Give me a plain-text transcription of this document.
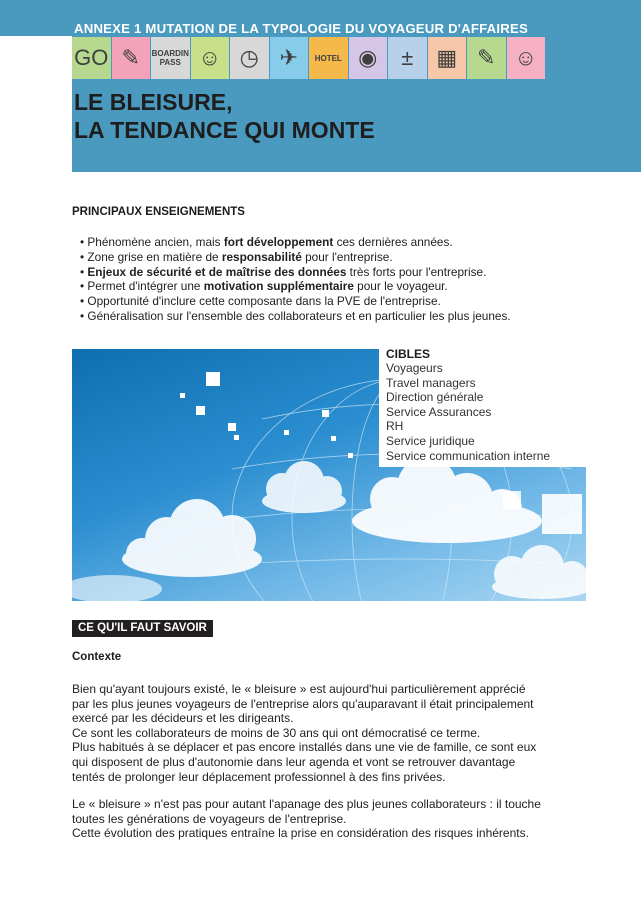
ANNEXE 1 MUTATION DE LA TYPOLOGIE DU VOYAGEUR D'AFFAIRES
GO ✎	BOARDIN PASS ☺ ◷ ✈	HOTEL ◉	±	▦ ✎ ☺
LE BLEISURE,
LA TENDANCE QUI MONTE
PRINCIPAUX ENSEIGNEMENTS
• Phénomène ancien, mais fort développement ces dernières années.
• Zone grise en matière de responsabilité pour l'entreprise.
• Enjeux de sécurité et de maîtrise des données très forts pour l'entreprise.
• Permet d'intégrer une motivation supplémentaire pour le voyageur.
• Opportunité d'inclure cette composante dans la PVE de l'entreprise.
• Généralisation sur l'ensemble des collaborateurs et en particulier les plus jeunes.
CIBLES
Voyageurs
Travel managers
Direction générale
Service Assurances
RH
Service juridique
Service communication interne
CE QU'IL FAUT SAVOIR
Contexte

Bien qu'ayant toujours existé, le « bleisure » est aujourd'hui particulièrement apprécié
par les plus jeunes voyageurs de l'entreprise alors qu'auparavant il était principalement
exercé par les décideurs et les dirigeants.
Ce sont les collaborateurs de moins de 30 ans qui ont démocratisé ce terme.
Plus habitués à se déplacer et pas encore installés dans une vie de famille, ce sont eux
qui disposent de plus d'autonomie dans leur agenda et vont se retrouver davantage
tentés de prolonger leur déplacement professionnel à des fins privées.

Le « bleisure » n'est pas pour autant l'apanage des plus jeunes collaborateurs : il touche
toutes les générations de voyageurs de l'entreprise.
Cette évolution des pratiques entraîne la prise en considération des risques inhérents.
